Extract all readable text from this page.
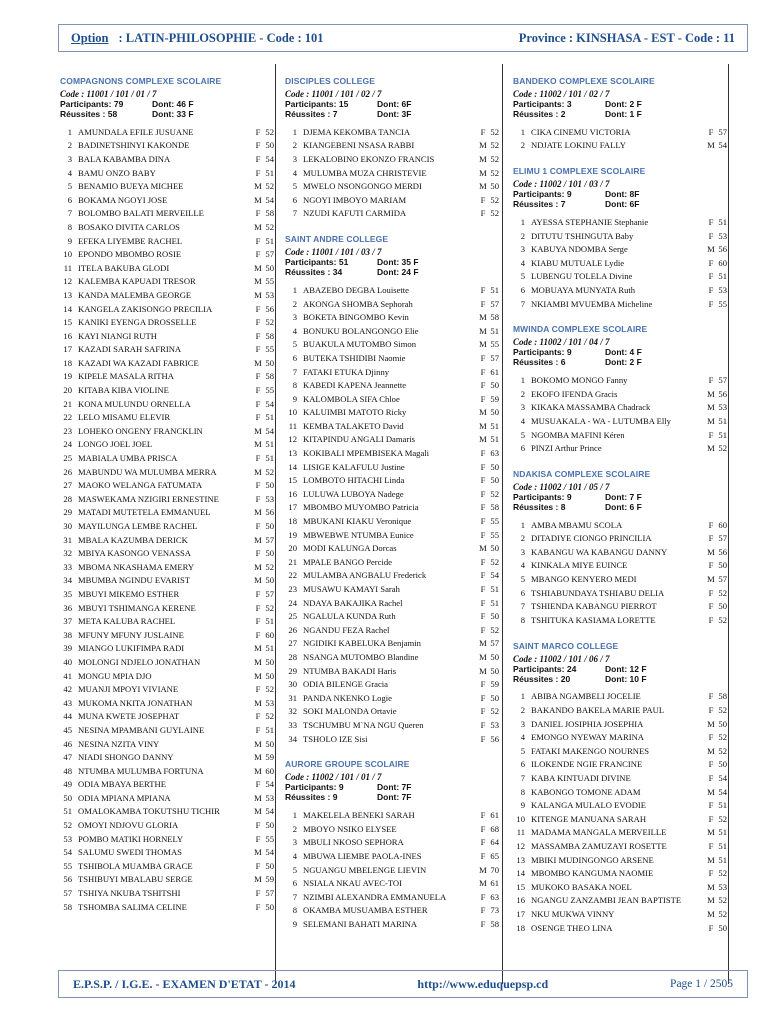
Option : LATIN-PHILOSOPHIE - Code : 101	Province : KINSHASA - EST - Code : 11
COMPAGNONS COMPLEXE SCOLAIRE
Code : 11001 / 101 / 01 / 7
Participants: 79	Dont: 46 F
Réussites : 58	Dont: 33 F
1 AMUNDALA EFILE JUSUANE	F 52
2 BADINETSHINYI KAKONDE	F 50
3 BALA KABAMBA DINA	F 54
4 BAMU ONZO BABY	F 51
5 BENAMIO BUEYA MICHEE	M 52
6 BOKAMA NGOYI JOSE	M 54
7 BOLOMBO BALATI MERVEILLE	F 58
8 BOSAKO DIVITA CARLOS	M 52
9 EFEKA LIYEMBE RACHEL	F 51
10 EPONDO MBOMBO ROSIE	F 57
11 ITELA BAKUBA GLODI	M 50
12 KALEMBA KAPUADI TRESOR	M 55
13 KANDA MALEMBA GEORGE	M 53
14 KANGELA ZAKISONGO PRECILIA	F 56
15 KANIKI EYENGA DROSSELLE	F 52
16 KAYI NIANGI RUTH	F 58
17 KAZADI SARAH SAFRINA	F 55
18 KAZADI WA KAZADI FABRICE	M 50
19 KIPELE MASALA RITHA	F 58
20 KITABA KIBA VIOLINE	F 55
21 KONA MULUNDU ORNELLA	F 54
22 LELO MISAMU ELEVIR	F 51
23 LOHEKO ONGENY FRANCKLIN	M 54
24 LONGO JOEL JOEL	M 51
25 MABIALA UMBA PRISCA	F 51
26 MABUNDU WA MULUMBA MERRA	M 52
27 MAOKO WELANGA FATUMATA	F 50
28 MASWEKAMA NZIGIRI ERNESTINE	F 53
29 MATADI MUTETELA EMMANUEL	M 56
30 MAYILUNGA LEMBE RACHEL	F 50
31 MBALA KAZUMBA DERICK	M 57
32 MBIYA KASONGO VENASSA	F 50
33 MBOMA NKASHAMA EMERY	M 52
34 MBUMBA NGINDU EVARIST	M 50
35 MBUYI MIKEMO ESTHER	F 57
36 MBUYI TSHIMANGA KERENE	F 52
37 META KALUBA RACHEL	F 51
38 MFUNY MFUNY JUSLAINE	F 60
39 MIANGO LUKIFIMPA RADI	M 51
40 MOLONGI NDJELO JONATHAN	M 50
41 MONGU MPIA DJO	M 50
42 MUANJI MPOYI VIVIANE	F 52
43 MUKOMA NKITA JONATHAN	M 53
44 MUNA KWETE JOSEPHAT	F 52
45 NESINA MPAMBANI GUYLAINE	F 51
46 NESINA NZITA VINY	M 50
47 NIADI SHONGO DANNY	M 59
48 NTUMBA MULUMBA FORTUNA	M 60
49 ODIA MBAYA BERTHE	F 54
50 ODIA MPIANA MPIANA	M 53
51 OMALOKAMBA TOKUTSHU TICHIR	M 54
52 OMOYI NDJOVU GLORIA	F 50
53 POMBO MATIKI HORNELY	F 55
54 SALUMU SWEDI THOMAS	M 54
55 TSHIBOLA MUAMBA GRACE	F 50
56 TSHIBUYI MBALABU SERGE	M 59
57 TSHIYA NKUBA TSHITSHI	F 57
58 TSHOMBA SALIMA CELINE	F 50
DISCIPLES COLLEGE
Code : 11001 / 101 / 02 / 7
Participants: 15	Dont: 6F
Réussites : 7	Dont: 3F
1 DJEMA KEKOMBA TANCIA	F 52
2 KIANGEBENI NSASA RABBI	M 52
3 LEKALOBINO EKONZO FRANCIS	M 52
4 MULUMBA MUZA CHRISTEVIE	M 52
5 MWELO NSONGONGO MERDI	M 50
6 NGOYI IMBOYO MARIAM	F 52
7 NZUDI KAFUTI CARMIDA	F 52
SAINT ANDRE COLLEGE
Code : 11001 / 101 / 03 / 7
Participants: 51	Dont: 35 F
Réussites : 34	Dont: 24 F
1 ABAZEBO DEGBA Louisette	F 51
2 AKONGA SHOMBA Sephorah	F 57
3 BOKETA BINGOMBO Kevin	M 58
4 BONUKU BOLANGONGO Elie	M 51
5 BUAKULA MUTOMBO Simon	M 55
6 BUTEKA TSHIDIBI Naomie	F 57
7 FATAKI ETUKA Djinny	F 61
8 KABEDI KAPENA Jeannette	F 50
9 KALOMBOLA SIFA Chloe	F 59
10 KALUIMBI MATOTO Ricky	M 50
11 KEMBA TALAKETO David	M 51
12 KITAPINDU ANGALI Damaris	M 51
13 KOKIBALI MPEMBISEKA Magali	F 63
14 LISIGE KALAFULU Justine	F 50
15 LOMBOTO HITACHI Linda	F 50
16 LULUWA LUBOYA Nadege	F 52
17 MBOMBO MUYOMBO Patricia	F 58
18 MBUKANI KIAKU Veronique	F 55
19 MBWEBWE NTUMBA Eunice	F 55
20 MODI KALUNGA Dorcas	M 50
21 MPALE BANGO Percide	F 52
22 MULAMBA ANGBALU Frederick	F 54
23 MUSAWU KAMAYI Sarah	F 51
24 NDAYA BAKAJIKA Rachel	F 51
25 NGALULA KUNDA Ruth	F 50
26 NGANDU FEZA Rachel	F 52
27 NGIDIKI KABELUKA Benjamin	M 57
28 NSANGA MUTOMBO Blandine	M 50
29 NTUMBA BAKADI Haris	M 50
30 ODIA BILENGE Gracia	F 59
31 PANDA NKENKO Logie	F 50
32 SOKI MALONDA Ortavie	F 52
33 TSCHUMBU M`NA NGU Queren	F 53
34 TSHOLO IZE Sisi	F 56
AURORE GROUPE SCOLAIRE
Code : 11002 / 101 / 01 / 7
Participants: 9	Dont: 7F
Réussites : 9	Dont: 7F
1 MAKELELA BENEKI SARAH	F 61
2 MBOYO NSIKO ELYSEE	F 68
3 MBULI NKOSO SEPHORA	F 64
4 MBUWA LIEMBE PAOLA-INES	F 65
5 NGUANGU MBELENGE LIEVIN	M 70
6 NSIALA NKAU AVEC-TOI	M 61
7 NZIMBI ALEXANDRA EMMANUELA	F 63
8 OKAMBA MUSUAMBA ESTHER	F 73
9 SELEMANI BAHATI MARINA	F 58
BANDEKO COMPLEXE SCOLAIRE
Code : 11002 / 101 / 02 / 7
Participants: 3	Dont: 2 F
Réussites : 2	Dont: 1 F
1 CIKA CINEMU VICTORIA	F 57
2 NDJATE LOKINU FALLY	M 54
ELIMU 1 COMPLEXE SCOLAIRE
Code : 11002 / 101 / 03 / 7
Participants: 9	Dont: 8F
Réussites : 7	Dont: 6F
1 AYESSA STEPHANIE Stephanie	F 51
2 DITUTU TSHINGUTA Baby	F 53
3 KABUYA NDOMBA Serge	M 56
4 KIABU MUTUALE Lydie	F 60
5 LUBENGU TOLELA Divine	F 51
6 MOBUAYA MUNYATA Ruth	F 53
7 NKIAMBI MVUEMBA Micheline	F 55
MWINDA COMPLEXE SCOLAIRE
Code : 11002 / 101 / 04 / 7
Participants: 9	Dont: 4 F
Réussites : 6	Dont: 2 F
1 BOKOMO MONGO Fanny	F 57
2 EKOFO IFENDA Gracis	M 56
3 KIKAKA MASSAMBA Chadrack	M 53
4 MUSUAKALA - WA - LUTUMBA Elly	M 51
5 NGOMBA MAFINI Kéren	F 51
6 PINZI Arthur Prince	M 52
NDAKISA COMPLEXE SCOLAIRE
Code : 11002 / 101 / 05 / 7
Participants: 9	Dont: 7 F
Réussites : 8	Dont: 6 F
1 AMBA MBAMU SCOLA	F 60
2 DITADIYE CIONGO PRINCILIA	F 57
3 KABANGU WA KABANGU DANNY	M 56
4 KINKALA MIYE EUINCE	F 50
5 MBANGO KENYERO MEDI	M 57
6 TSHIABUNDAYA TSHIABU DELIA	F 52
7 TSHIENDA KABANGU PIERROT	F 50
8 TSHITUKA KASIAMA LORETTE	F 52
SAINT MARCO COLLEGE
Code : 11002 / 101 / 06 / 7
Participants: 24	Dont: 12 F
Réussites : 20	Dont: 10 F
1 ABIBA NGAMBELI JOCELIE	F 58
2 BAKANDO BAKELA MARIE PAUL	F 52
3 DANIEL JOSIPHIA JOSEPHIA	M 50
4 EMONGO NYEWAY MARINA	F 52
5 FATAKI MAKENGO NOURNES	M 52
6 ILOKENDE NGIE FRANCINE	F 50
7 KABA KINTUADI DIVINE	F 54
8 KABONGO TOMONE ADAM	M 54
9 KALANGA MULALO EVODIE	F 51
10 KITENGE MANUANA SARAH	F 52
11 MADAMA MANGALA MERVEILLE	M 51
12 MASSAMBA ZAMUZAYI ROSETTE	F 51
13 MBIKI MUDINGONGO ARSENE	M 51
14 MBOMBO KANGUMA NAOMIE	F 52
15 MUKOKO BASAKA NOEL	M 53
16 NGANGU ZANZAMBI JEAN BAPTISTE	M 52
17 NKU MUKWA VINNY	M 52
18 OSENGE THEO LINA	F 50
E.P.S.P. / I.G.E. - EXAMEN D'ETAT - 2014	http://www.eduquepsp.cd	Page 1 / 2505
